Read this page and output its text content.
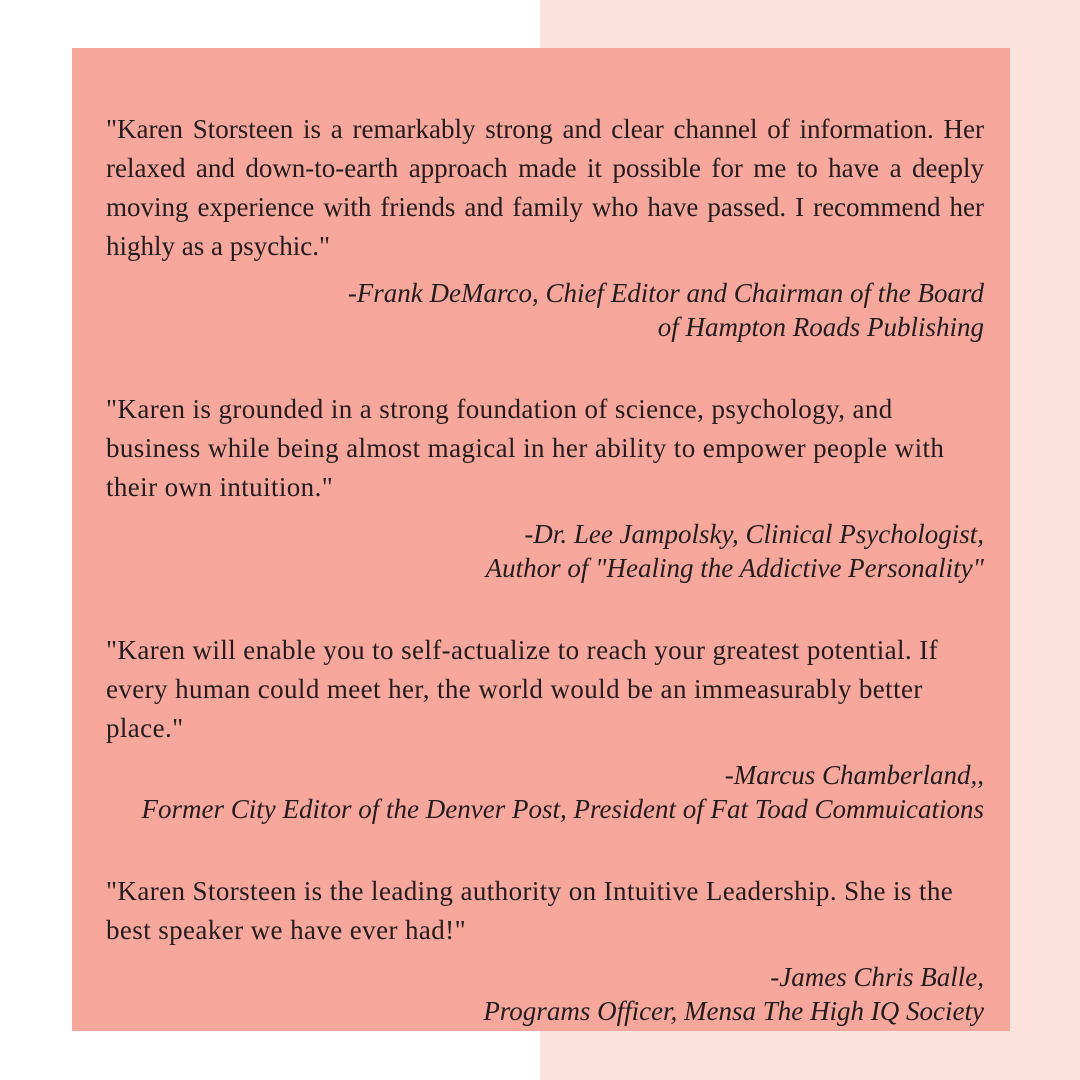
"Karen Storsteen is a remarkably strong and clear channel of information. Her relaxed and down-to-earth approach made it possible for me to have a deeply moving experience with friends and family who have passed. I recommend her highly as a psychic."

-Frank DeMarco, Chief Editor and Chairman of the Board
of Hampton Roads Publishing

"Karen is grounded in a strong foundation of science, psychology, and business while being almost magical in her ability to empower people with their own intuition."

-Dr. Lee Jampolsky, Clinical Psychologist,
Author of "Healing the Addictive Personality"

"Karen will enable you to self-actualize to reach your greatest potential. If every human could meet her, the world would be an immeasurably better place."

-Marcus Chamberland,,
Former City Editor of the Denver Post, President of Fat Toad Commuications

"Karen Storsteen is the leading authority on Intuitive Leadership. She is the best speaker we have ever had!"

-James Chris Balle,
Programs Officer, Mensa The High IQ Society
